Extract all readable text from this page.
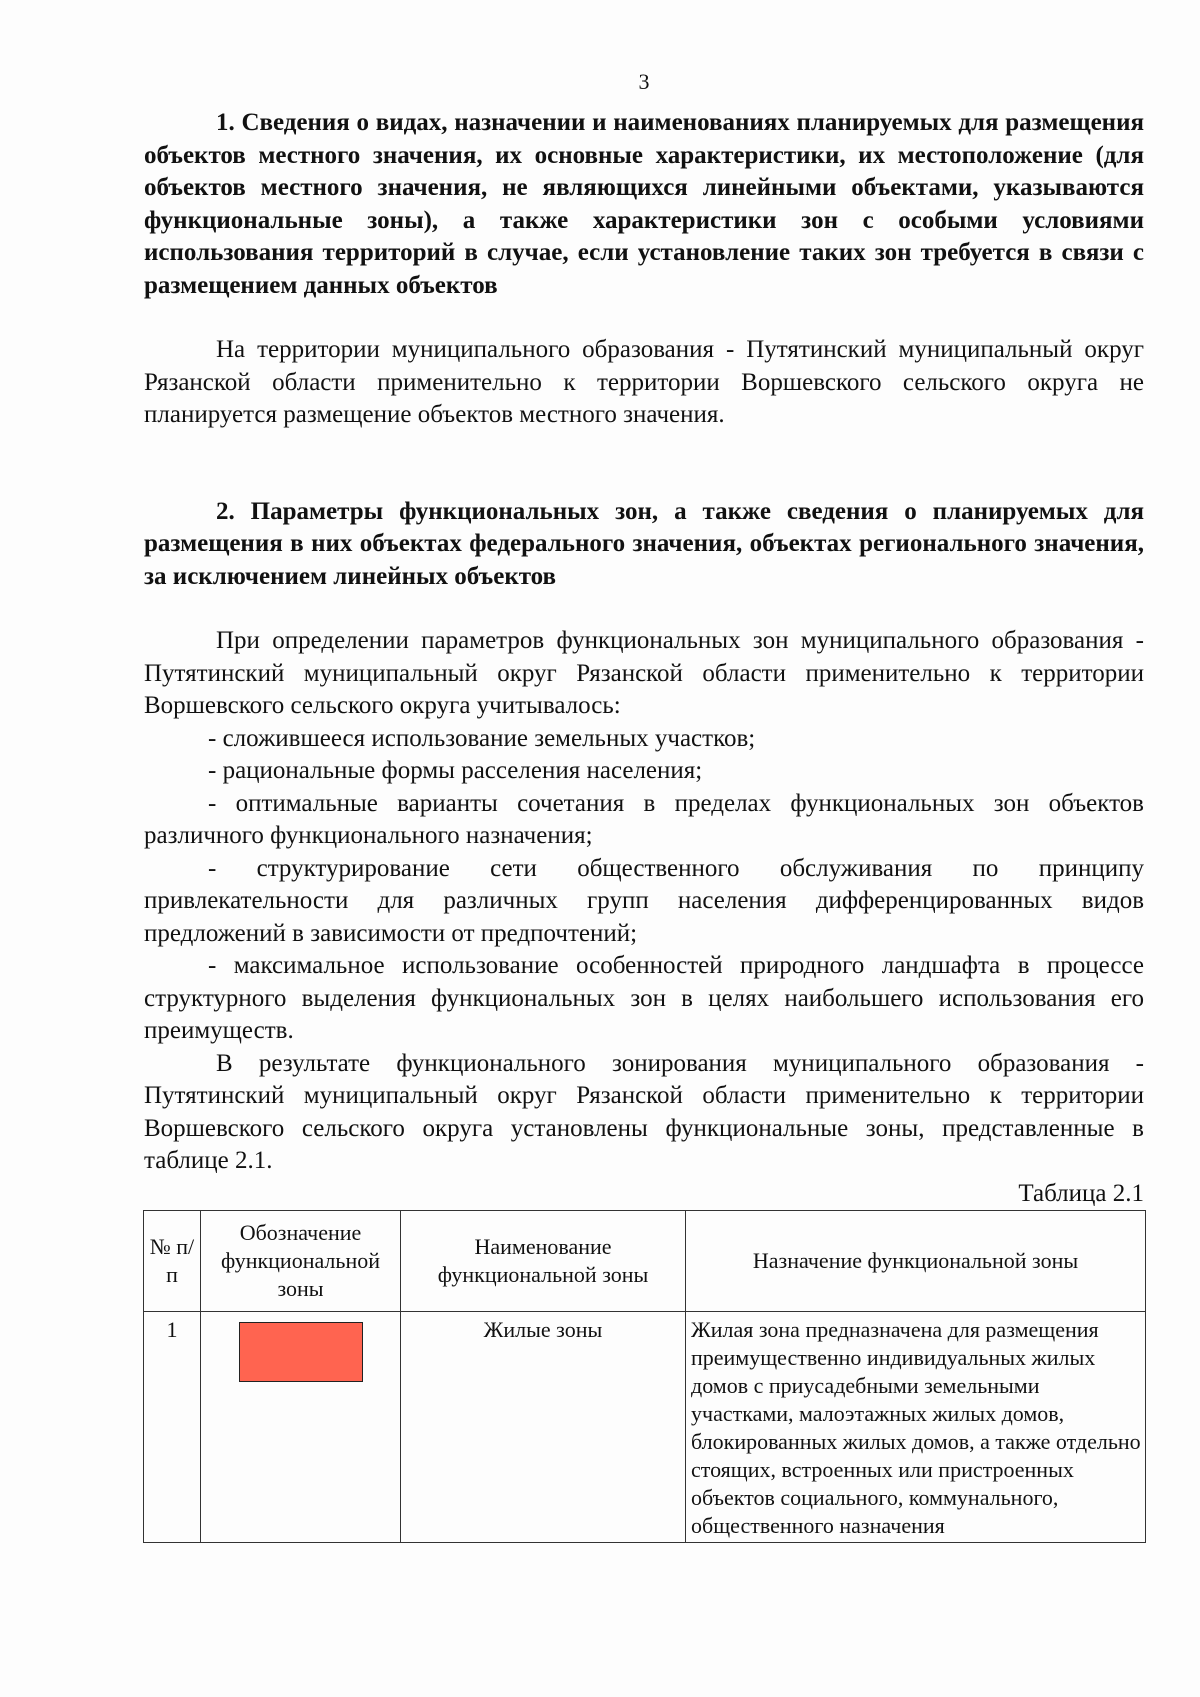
3

1. Сведения о видах, назначении и наименованиях планируемых для размещения объектов местного значения, их основные характеристики, их местоположение (для объектов местного значения, не являющихся линейными объектами, указываются функциональные зоны), а также характеристики зон с особыми условиями использования территорий в случае, если установление таких зон требуется в связи с размещением данных объектов

На территории муниципального образования - Путятинский муниципальный округ Рязанской области применительно к территории Воршевского сельского округа не планируется размещение объектов местного значения.

2. Параметры функциональных зон, а также сведения о планируемых для размещения в них объектах федерального значения, объектах регионального значения, за исключением линейных объектов

При определении параметров функциональных зон муниципального образования - Путятинский муниципальный округ Рязанской области применительно к территории Воршевского сельского округа учитывалось:

- сложившееся использование земельных участков;

- рациональные формы расселения населения;

- оптимальные варианты сочетания в пределах функциональных зон объектов различного функционального назначения;

- структурирование сети общественного обслуживания по принципу привлекательности для различных групп населения дифференцированных видов предложений в зависимости от предпочтений;

- максимальное использование особенностей природного ландшафта в процессе структурного выделения функциональных зон в целях наибольшего использования его преимуществ.

В результате функционального зонирования муниципального образования - Путятинский муниципальный округ Рязанской области применительно к территории Воршевского сельского округа установлены функциональные зоны, представленные в таблице 2.1.

Таблица 2.1

№ п/п	Обозначение функциональной зоны	Наименование функциональной зоны	Назначение функциональной зоны
1		Жилые зоны	Жилая зона предназначена для размещения преимущественно индивидуальных жилых домов с приусадебными земельными участками, малоэтажных жилых домов, блокированных жилых домов, а также отдельно стоящих, встроенных или пристроенных объектов социального, коммунального, общественного назначения
